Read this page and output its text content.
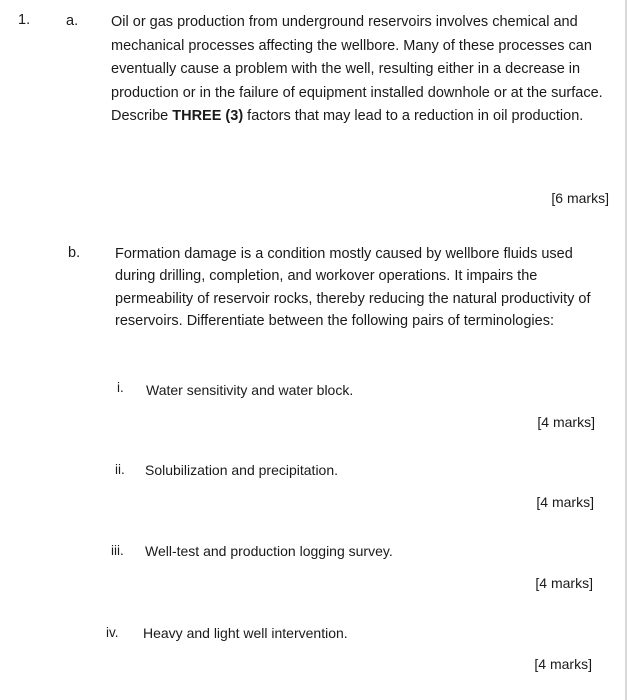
1. a. Oil or gas production from underground reservoirs involves chemical and mechanical processes affecting the wellbore. Many of these processes can eventually cause a problem with the well, resulting either in a decrease in production or in the failure of equipment installed downhole or at the surface. Describe THREE (3) factors that may lead to a reduction in oil production.

[6 marks]
b. Formation damage is a condition mostly caused by wellbore fluids used during drilling, completion, and workover operations. It impairs the permeability of reservoir rocks, thereby reducing the natural productivity of reservoirs. Differentiate between the following pairs of terminologies:

i.	Water sensitivity and water block.
[4 marks]
ii.	Solubilization and precipitation.
[4 marks]
iii.	Well-test and production logging survey.
[4 marks]
iv.	Heavy and light well intervention.
[4 marks]
